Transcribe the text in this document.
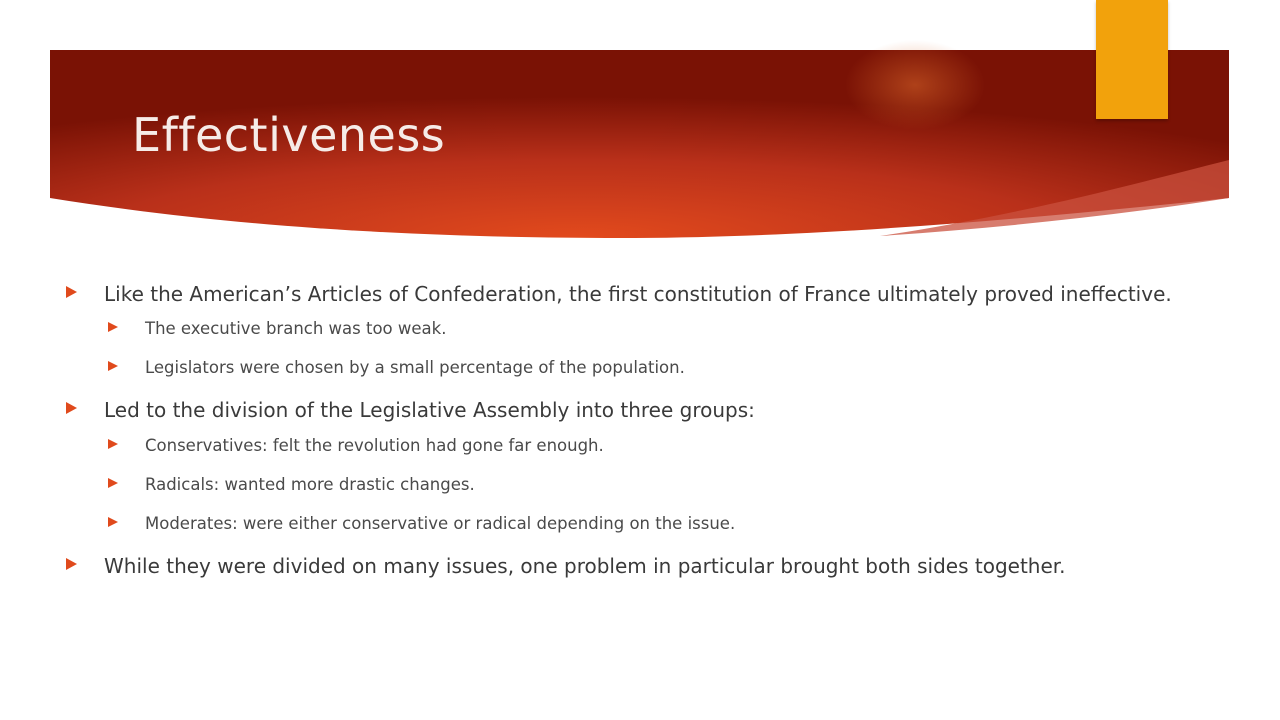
Effectiveness
Like the American’s Articles of Confederation, the first constitution of France ultimately proved ineffective.
The executive branch was too weak.
Legislators were chosen by a small percentage of the population.
Led to the division of the Legislative Assembly into three groups:
Conservatives: felt the revolution had gone far enough.
Radicals: wanted more drastic changes.
Moderates: were either conservative or radical depending on the issue.
While they were divided on many issues, one problem in particular brought both sides together.
